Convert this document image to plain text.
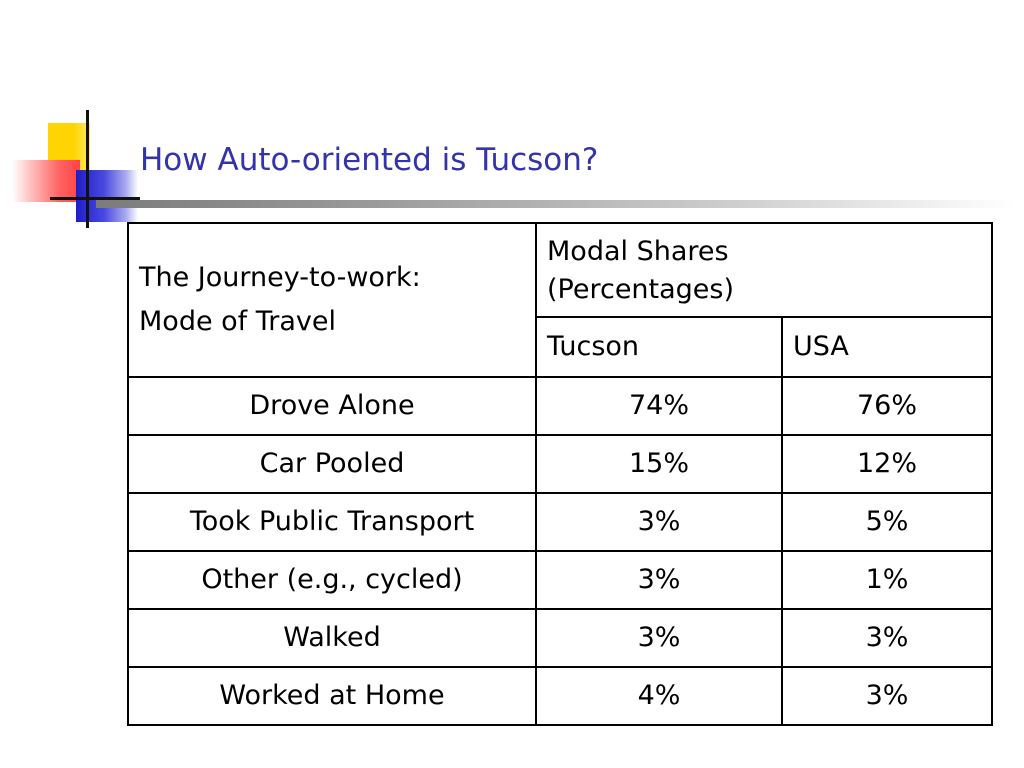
How Auto-oriented is Tucson?
The Journey-to-work:
Mode of Travel	Modal Shares
(Percentages)	

	Tucson	USA
Drove Alone	74%	76%
Car Pooled	15%	12%
Took Public Transport	3%	5%
Other (e.g., cycled)	3%	1%
Walked	3%	3%
Worked at Home	4%	3%
